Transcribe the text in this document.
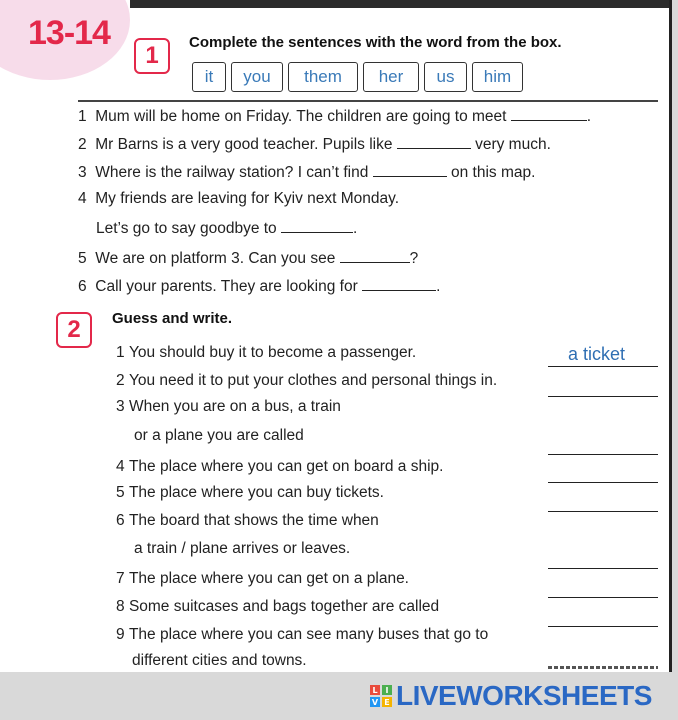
13-14
1	Complete the sentences with the word from the box.
it	you	them	her	us	him
1 Mum will be home on Friday. The children are going to meet	.
2 Mr Barns is a very good teacher. Pupils like	very much.
3 Where is the railway station? I can’t find	on this map.
4 My friends are leaving for Kyiv next Monday.
Let’s go to say goodbye to	.
5 We are on platform 3. Can you see	?
6 Call your parents. They are looking for	.
2	Guess and write.
1 You should buy it to become a passenger.
2 You need it to put your clothes and personal things in.
3 When you are on a bus, a train
or a plane you are called
4 The place where you can get on board a ship.
5 The place where you can buy tickets.
6 The board that shows the time when
a train / plane arrives or leaves.
7 The place where you can get on a plane.
8 Some suitcases and bags together are called
9 The place where you can see many buses that go to
different cities and towns.
a ticket
L I
V E LIVEWORKSHEETS
